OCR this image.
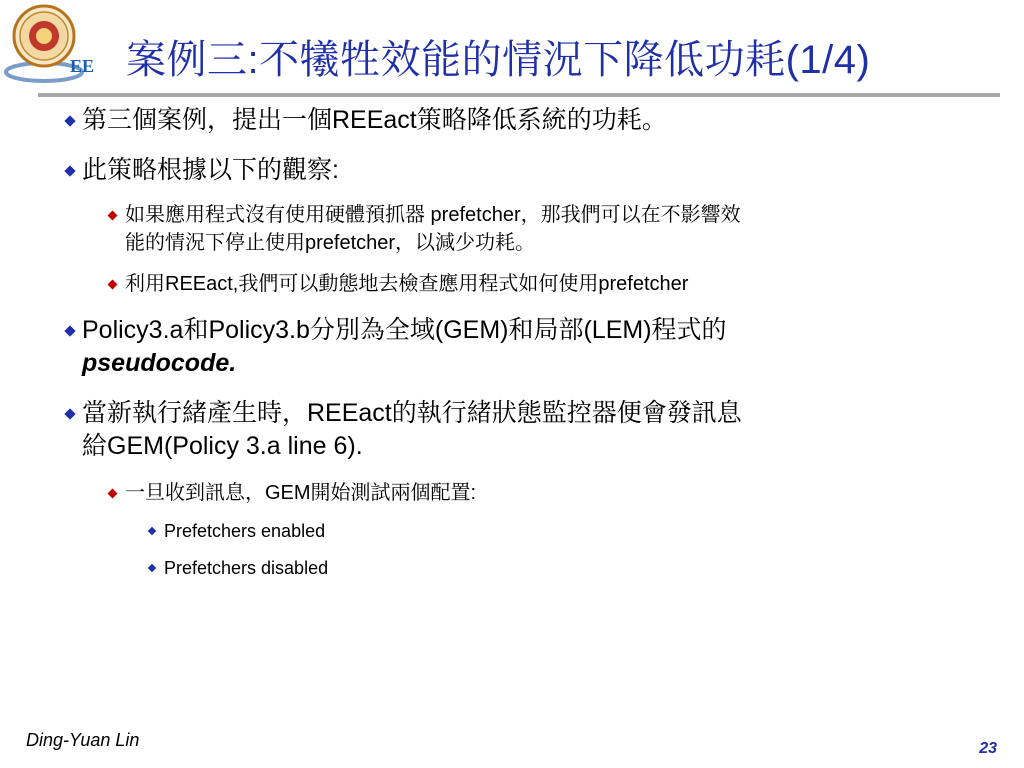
EE 案例三:不犧牲效能的情況下降低功耗(1/4)
第三個案例，提出一個REEact策略降低系統的功耗。
此策略根據以下的觀察:
如果應用程式沒有使用硬體預抓器 prefetcher，那我們可以在不影響效
能的情況下停止使用prefetcher，以減少功耗。
利用REEact,我們可以動態地去檢查應用程式如何使用prefetcher
Policy3.a和Policy3.b分別為全域(GEM)和局部(LEM)程式的
pseudocode.
當新執行緒產生時，REEact的執行緒狀態監控器便會發訊息
給GEM(Policy 3.a line 6).
一旦收到訊息，GEM開始測試兩個配置:
Prefetchers enabled
Prefetchers disabled
Ding-Yuan Lin	23
